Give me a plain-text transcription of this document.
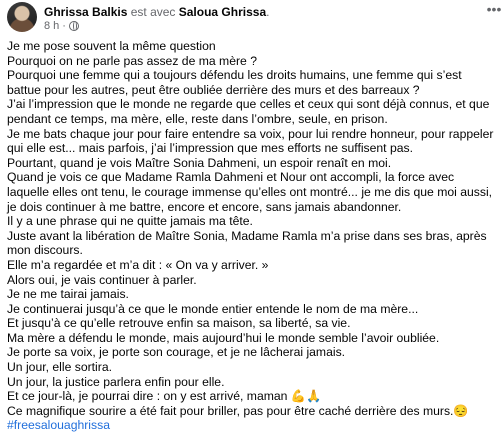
Ghrissa Balkis est avec Saloua Ghrissa.
8 h ·
•••
Je me pose souvent la même question
Pourquoi on ne parle pas assez de ma mère ?
Pourquoi une femme qui a toujours défendu les droits humains, une femme qui s’est battue pour les autres, peut être oubliée derrière des murs et des barreaux ?
J’ai l’impression que le monde ne regarde que celles et ceux qui sont déjà connus, et que pendant ce temps, ma mère, elle, reste dans l’ombre, seule, en prison.
Je me bats chaque jour pour faire entendre sa voix, pour lui rendre honneur, pour rappeler qui elle est... mais parfois, j’ai l’impression que mes efforts ne suffisent pas.
Pourtant, quand je vois Maître Sonia Dahmeni, un espoir renaît en moi.
Quand je vois ce que Madame Ramla Dahmeni et Nour ont accompli, la force avec laquelle elles ont tenu, le courage immense qu’elles ont montré... je me dis que moi aussi, je dois continuer à me battre, encore et encore, sans jamais abandonner.
Il y a une phrase qui ne quitte jamais ma tête.
Juste avant la libération de Maître Sonia, Madame Ramla m’a prise dans ses bras, après mon discours.
Elle m’a regardée et m’a dit : « On va y arriver. »
Alors oui, je vais continuer à parler.
Je ne me tairai jamais.
Je continuerai jusqu’à ce que le monde entier entende le nom de ma mère...
Et jusqu’à ce qu’elle retrouve enfin sa maison, sa liberté, sa vie.
Ma mère a défendu le monde, mais aujourd’hui le monde semble l’avoir oubliée.
Je porte sa voix, je porte son courage, et je ne lâcherai jamais.
Un jour, elle sortira.
Un jour, la justice parlera enfin pour elle.
Et ce jour-là, je pourrai dire : on y est arrivé, maman 💪🙏
Ce magnifique sourire a été fait pour briller, pas pour être caché derrière des murs.😔
#freesalouaghrissa
